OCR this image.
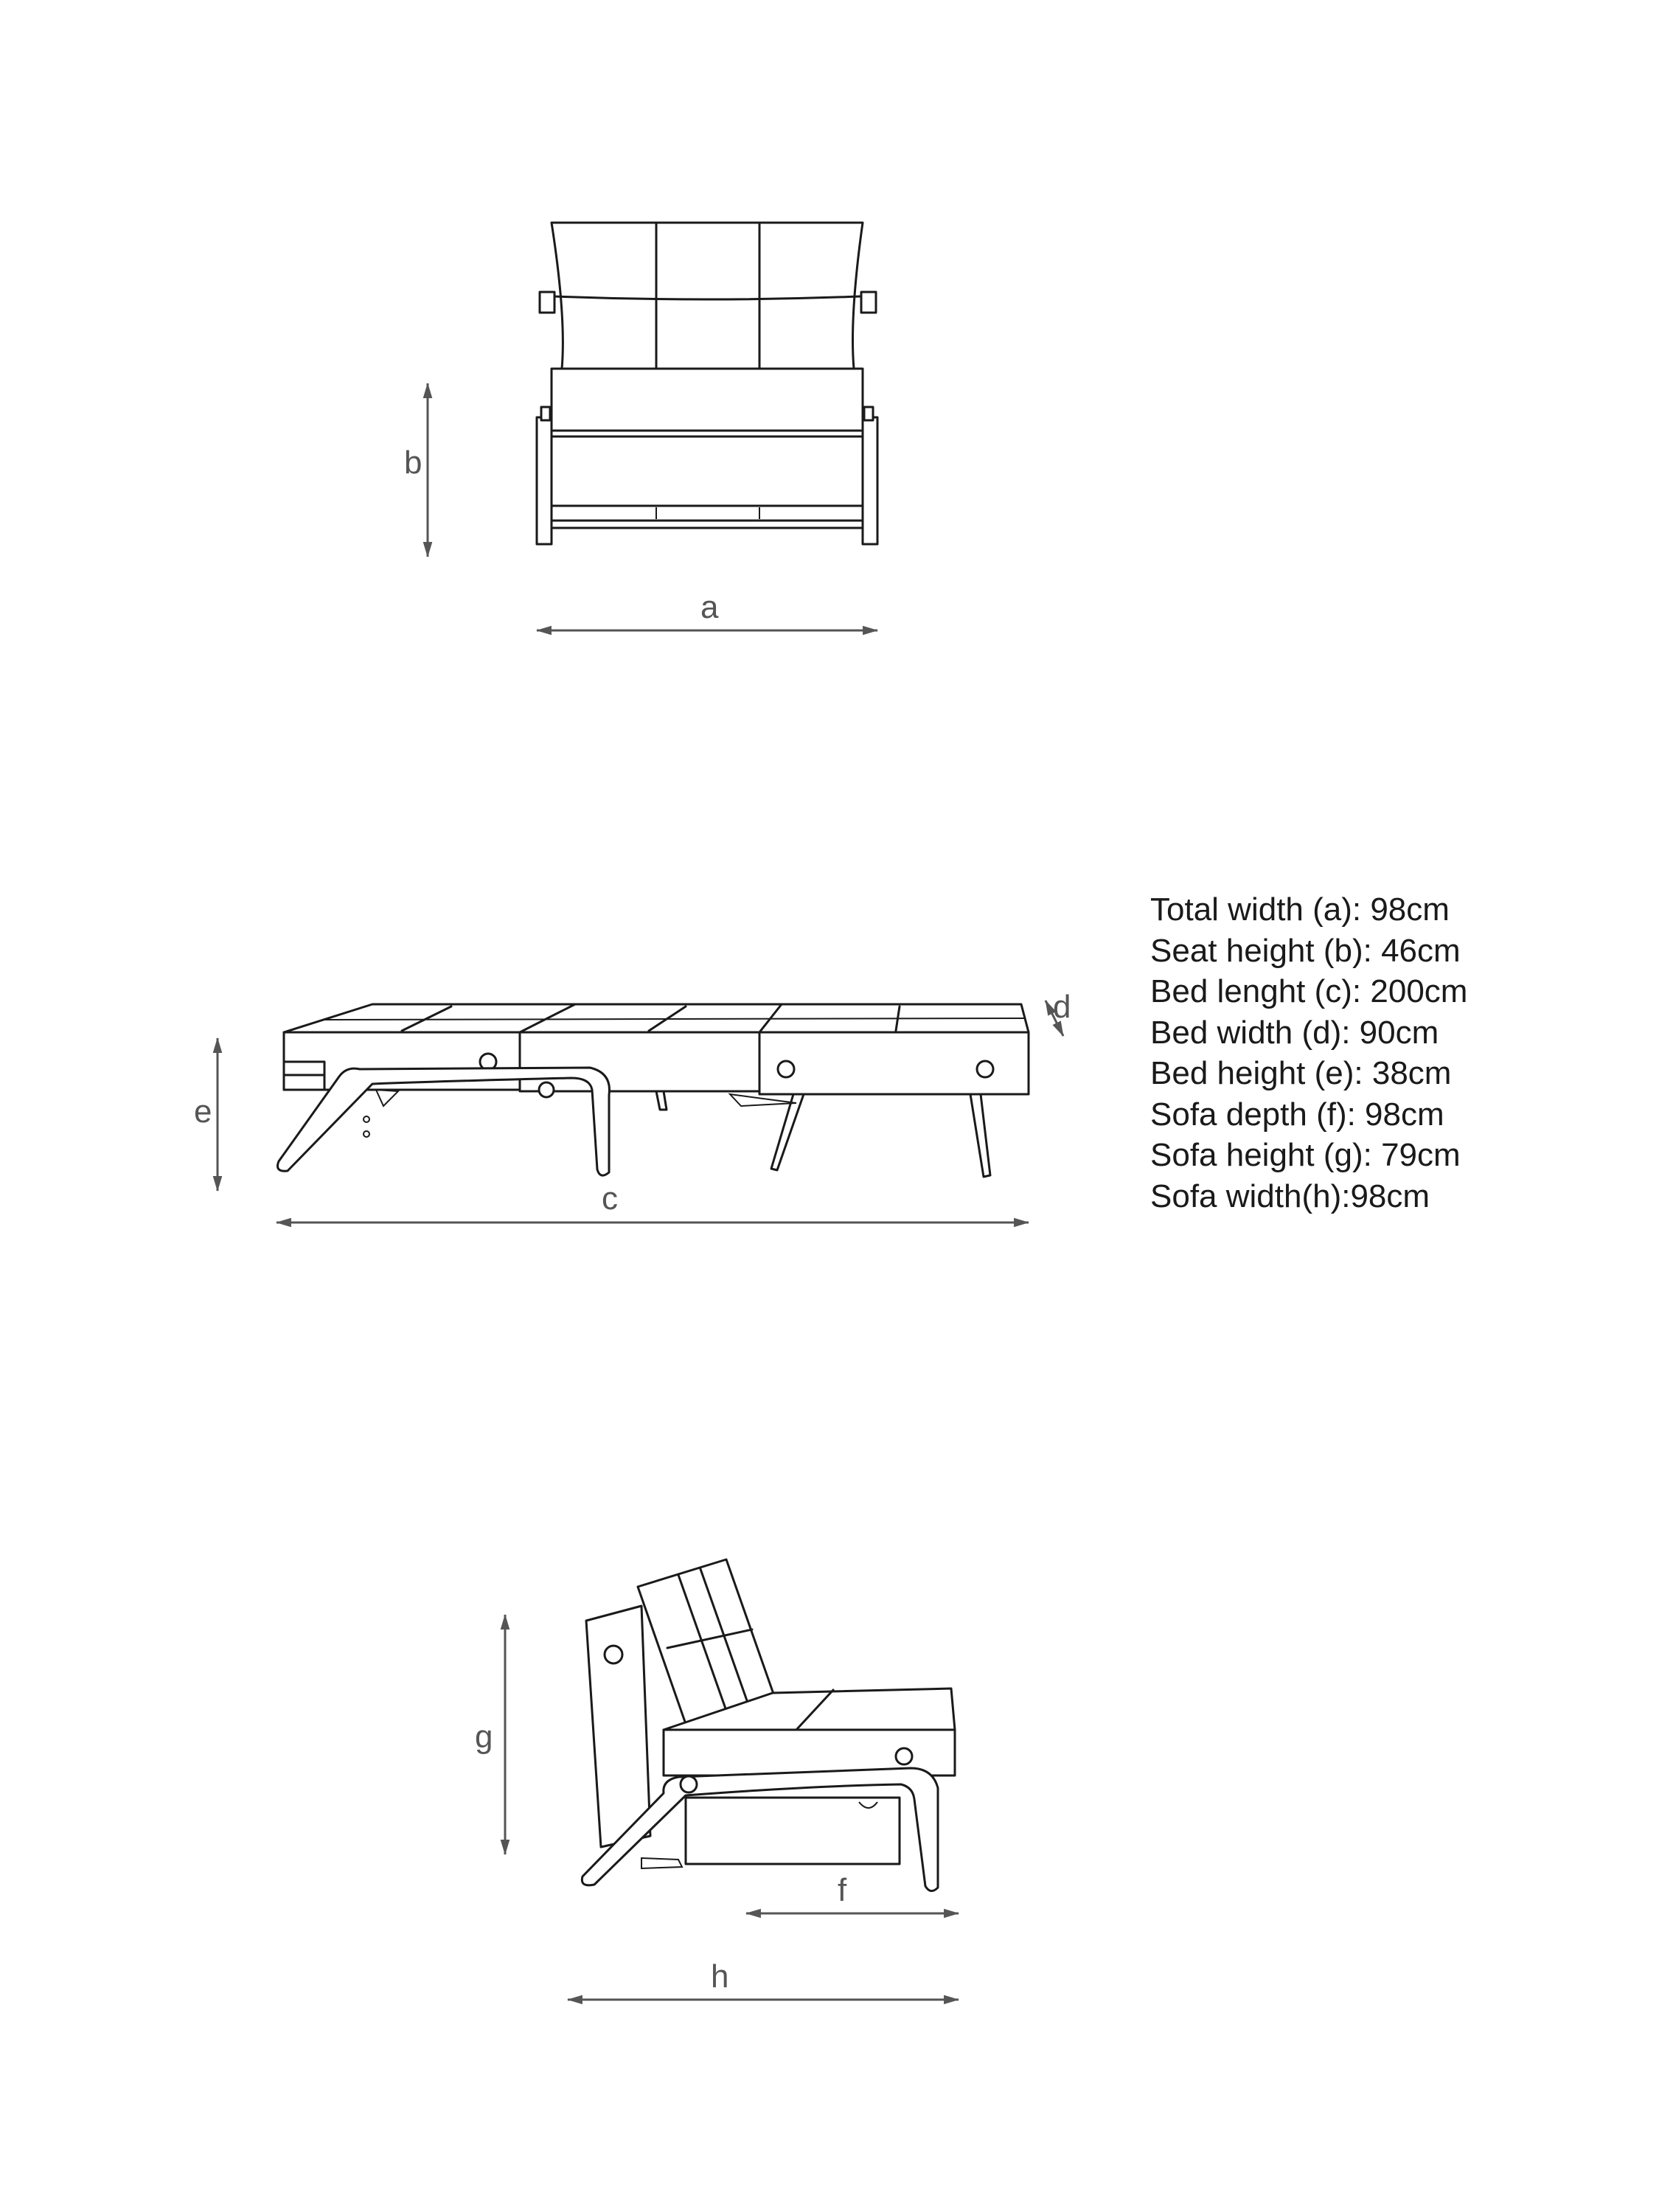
b
a
d
e
c
g
f
h
Total width (a): 98cm
Seat height (b): 46cm
Bed lenght (c): 200cm
Bed width (d): 90cm
Bed height (e): 38cm
Sofa depth (f): 98cm
Sofa height (g): 79cm
Sofa width(h):98cm
